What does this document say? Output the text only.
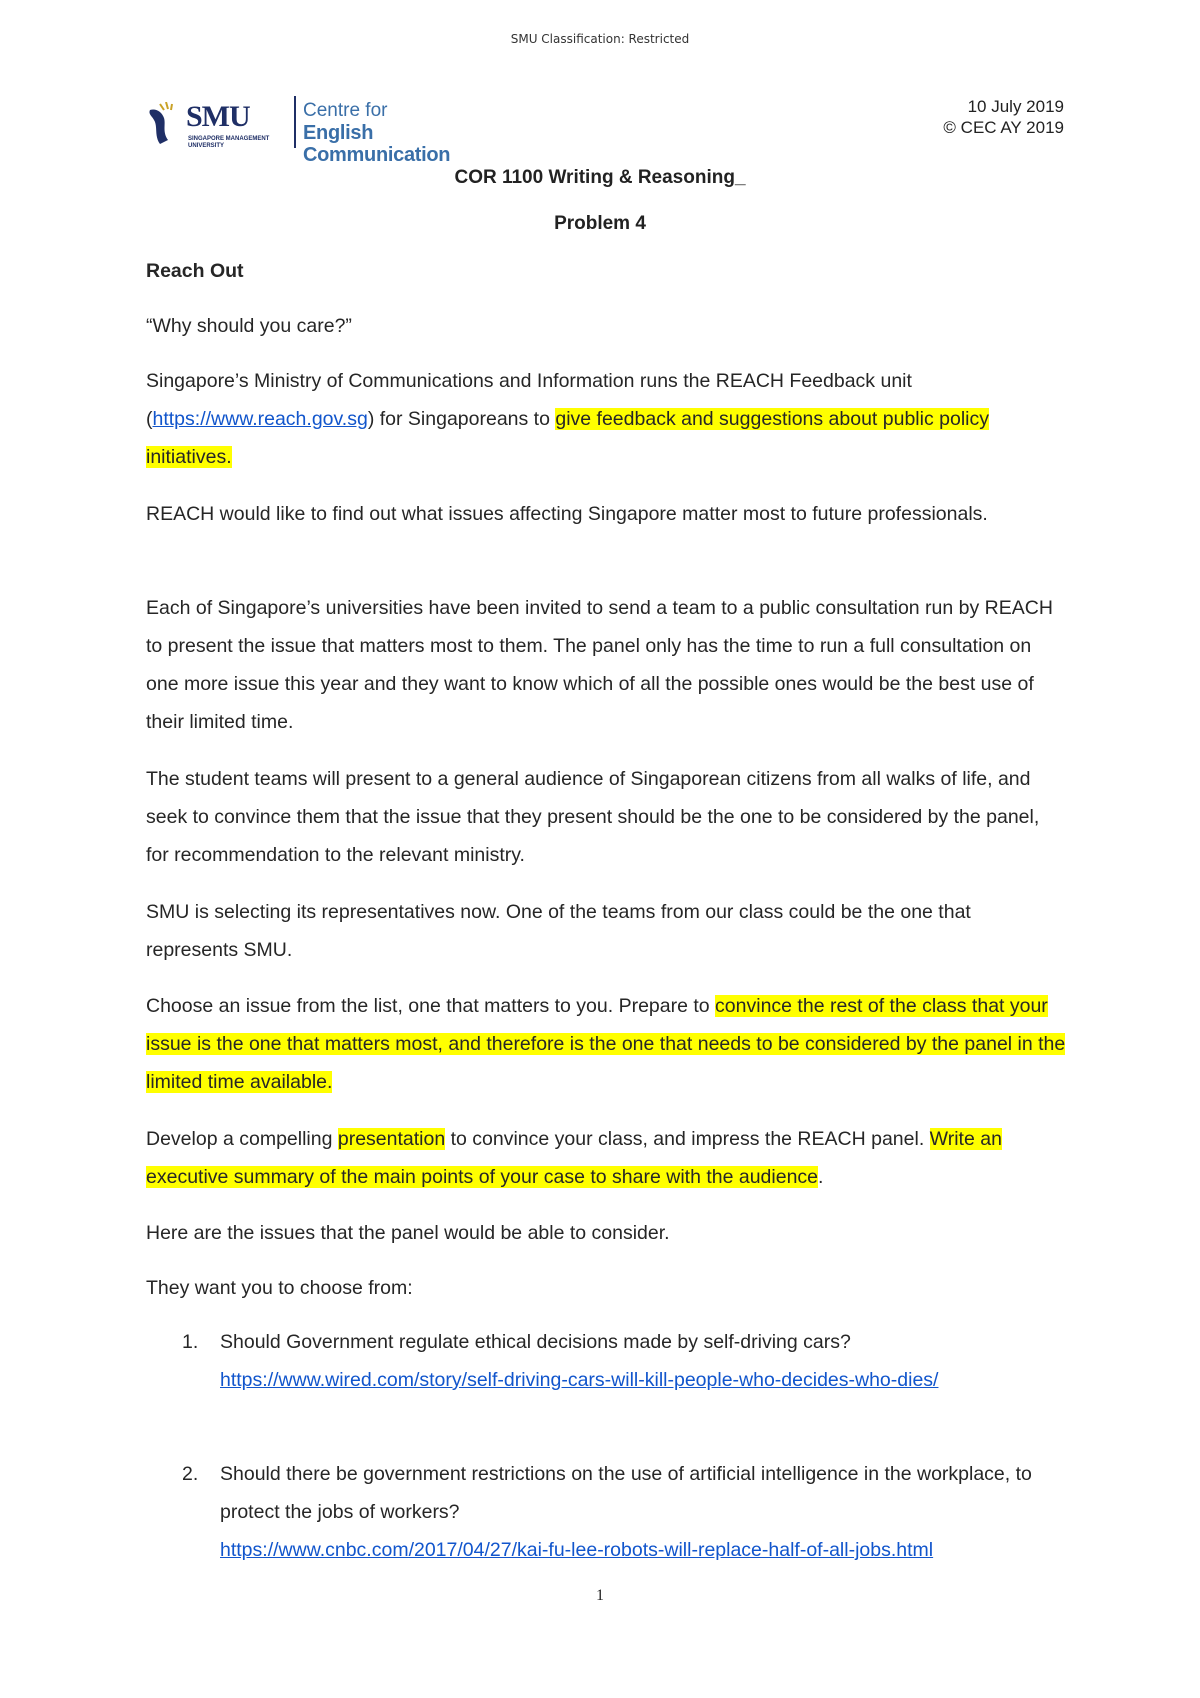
SMU Classification: Restricted
SMU
SINGAPORE MANAGEMENT UNIVERSITY
Centre for
English Communication
10 July 2019
© CEC AY 2019
COR 1100 Writing & Reasoning_
Problem 4
Reach Out
“Why should you care?”
Singapore’s Ministry of Communications and Information runs the REACH Feedback unit (https://www.reach.gov.sg) for Singaporeans to give feedback and suggestions about public policy initiatives.
REACH would like to find out what issues affecting Singapore matter most to future professionals.
Each of Singapore’s universities have been invited to send a team to a public consultation run by REACH to present the issue that matters most to them. The panel only has the time to run a full consultation on one more issue this year and they want to know which of all the possible ones would be the best use of their limited time.
The student teams will present to a general audience of Singaporean citizens from all walks of life, and seek to convince them that the issue that they present should be the one to be considered by the panel, for recommendation to the relevant ministry.
SMU is selecting its representatives now. One of the teams from our class could be the one that represents SMU.
Choose an issue from the list, one that matters to you. Prepare to convince the rest of the class that your issue is the one that matters most, and therefore is the one that needs to be considered by the panel in the limited time available.
Develop a compelling presentation to convince your class, and impress the REACH panel. Write an executive summary of the main points of your case to share with the audience.
Here are the issues that the panel would be able to consider.
They want you to choose from:
1. Should Government regulate ethical decisions made by self-driving cars?
https://www.wired.com/story/self-driving-cars-will-kill-people-who-decides-who-dies/
2. Should there be government restrictions on the use of artificial intelligence in the workplace, to protect the jobs of workers?
https://www.cnbc.com/2017/04/27/kai-fu-lee-robots-will-replace-half-of-all-jobs.html
1
